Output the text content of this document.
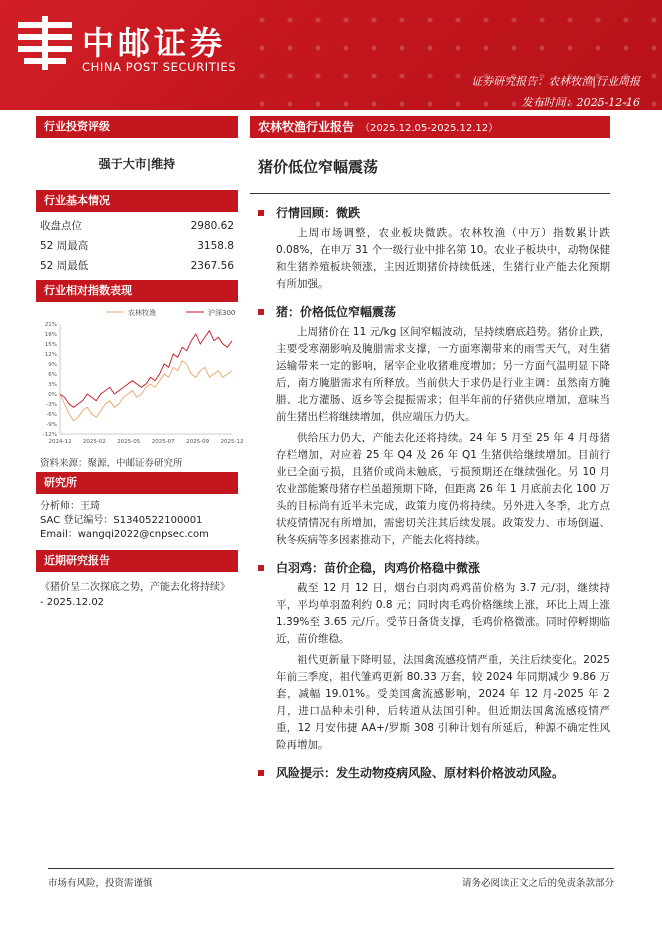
中邮证券
CHINA POST SECURITIES
证券研究报告：农林牧渔|行业周报
发布时间：2025-12-16
行业投资评级
强于大市|维持
行业基本情况
收盘点位	2980.62
52 周最高	3158.8
52 周最低	2367.56
行业相对指数表现
农林牧渔	沪深300
21%
18%
15%
12%
9%
6%
3%
0%
-3%
-6%
-9%
-12%
2024-12 2025-02 2025-05 2025-07 2025-09 2025-12
资料来源：聚源，中邮证券研究所
研究所
分析师：王琦
SAC 登记编号：S1340522100001
Email：wangqi2022@cnpsec.com
近期研究报告
《猪价呈二次探底之势，产能去化将持续》 - 2025.12.02
农林牧渔行业报告 （2025.12.05-2025.12.12）
猪价低位窄幅震荡
行情回顾：微跌
上周市场调整，农业板块微跌。农林牧渔（中万）指数累计跌 0.08%，在申万 31 个一级行业中排名第 10。农业子板块中，动物保健和生猪养殖板块领涨，主因近期猪价持续低迷，生猪行业产能去化预期有所加强。
猪：价格低位窄幅震荡
上周猪价在 11 元/kg 区间窄幅波动，呈持续磨底趋势。猪价止跌，主要受寒潮影响及腌腊需求支撑，一方面寒潮带来的雨雪天气，对生猪运输带来一定的影响，屠宰企业收猪难度增加；另一方面气温明显下降后，南方腌腊需求有所释放。当前供大于求仍是行业主调：虽然南方腌腊、北方灌肠、返乡等会提振需求；但半年前的仔猪供应增加，意味当前生猪出栏将继续增加，供应端压力仍大。
供给压力仍大，产能去化还将持续。24 年 5 月至 25 年 4 月母猪存栏增加，对应着 25 年 Q4 及 26 年 Q1 生猪供给继续增加。目前行业已全面亏损，且猪价或尚未触底，亏损预期还在继续强化。另 10 月农业部能繁母猪存栏虽超预期下降，但距离 26 年 1 月底前去化 100 万头的目标尚有近半未完成，政策力度仍将持续。另外进入冬季，北方点状疫情情况有所增加，需密切关注其后续发展。政策发力、市场倒逼、秋冬疾病等多因素推动下，产能去化将持续。
白羽鸡：苗价企稳，肉鸡价格稳中微涨
截至 12 月 12 日，烟台白羽肉鸡鸡苗价格为 3.7 元/羽，继续持平，平均单羽盈利约 0.8 元；同时肉毛鸡价格继续上涨，环比上周上涨 1.39%至 3.65 元/斤。受节日备货支撑，毛鸡价格微涨。同时停孵期临近，苗价维稳。
祖代更新量下降明显，法国禽流感疫情严重，关注后续变化。2025 年前三季度，祖代雏鸡更新 80.33 万套，较 2024 年同期减少 9.86 万套，减幅 19.01%。受美国禽流感影响，2024 年 12 月-2025 年 2 月，进口品种未引种，后转道从法国引种。但近期法国禽流感疫情严重，12 月安伟捷 AA+/罗斯 308 引种计划有所延后，种源不确定性风险再增加。
风险提示：发生动物疫病风险、原材料价格波动风险。
市场有风险，投资需谨慎	请务必阅读正文之后的免责条款部分
